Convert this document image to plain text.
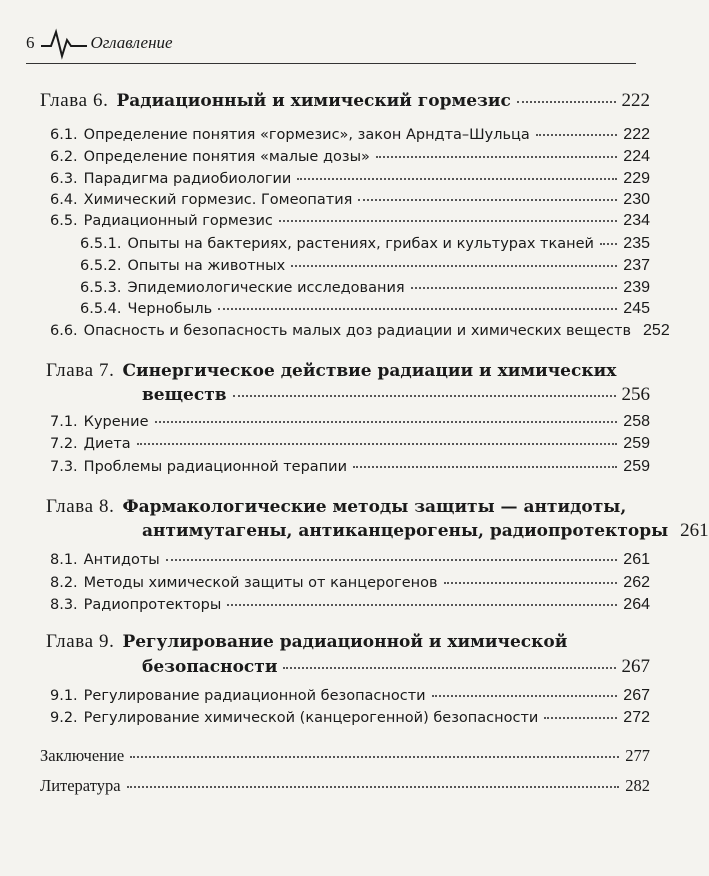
6	Оглавление
Глава 6. Радиационный и химический гормезис	222
6.1. Определение понятия «гормезис», закон Арндта–Шульца	222
6.2. Определение понятия «малые дозы»	224
6.3. Парадигма радиобиологии	229
6.4. Химический гормезис. Гомеопатия	230
6.5. Радиационный гормезис	234
6.5.1. Опыты на бактериях, растениях, грибах и культурах тканей 235
6.5.2. Опыты на животных	237
6.5.3. Эпидемиологические исследования	239
6.5.4. Чернобыль	245
6.6. Опасность и безопасность малых доз радиации и химических веществ 252
Глава 7. Синергическое действие радиации и химических
веществ	256
7.1. Курение	258
7.2. Диета	259
7.3. Проблемы радиационной терапии	259
Глава 8. Фармакологические методы защиты — антидоты,
антимутагены, антиканцерогены, радиопротекторы 261
8.1. Антидоты	261
8.2. Методы химической защиты от канцерогенов	262
8.3. Радиопротекторы	264
Глава 9. Регулирование радиационной и химической
безопасности	267
9.1. Регулирование радиационной безопасности	267
9.2. Регулирование химической (канцерогенной) безопасности	272
Заключение	277
Литература	282
